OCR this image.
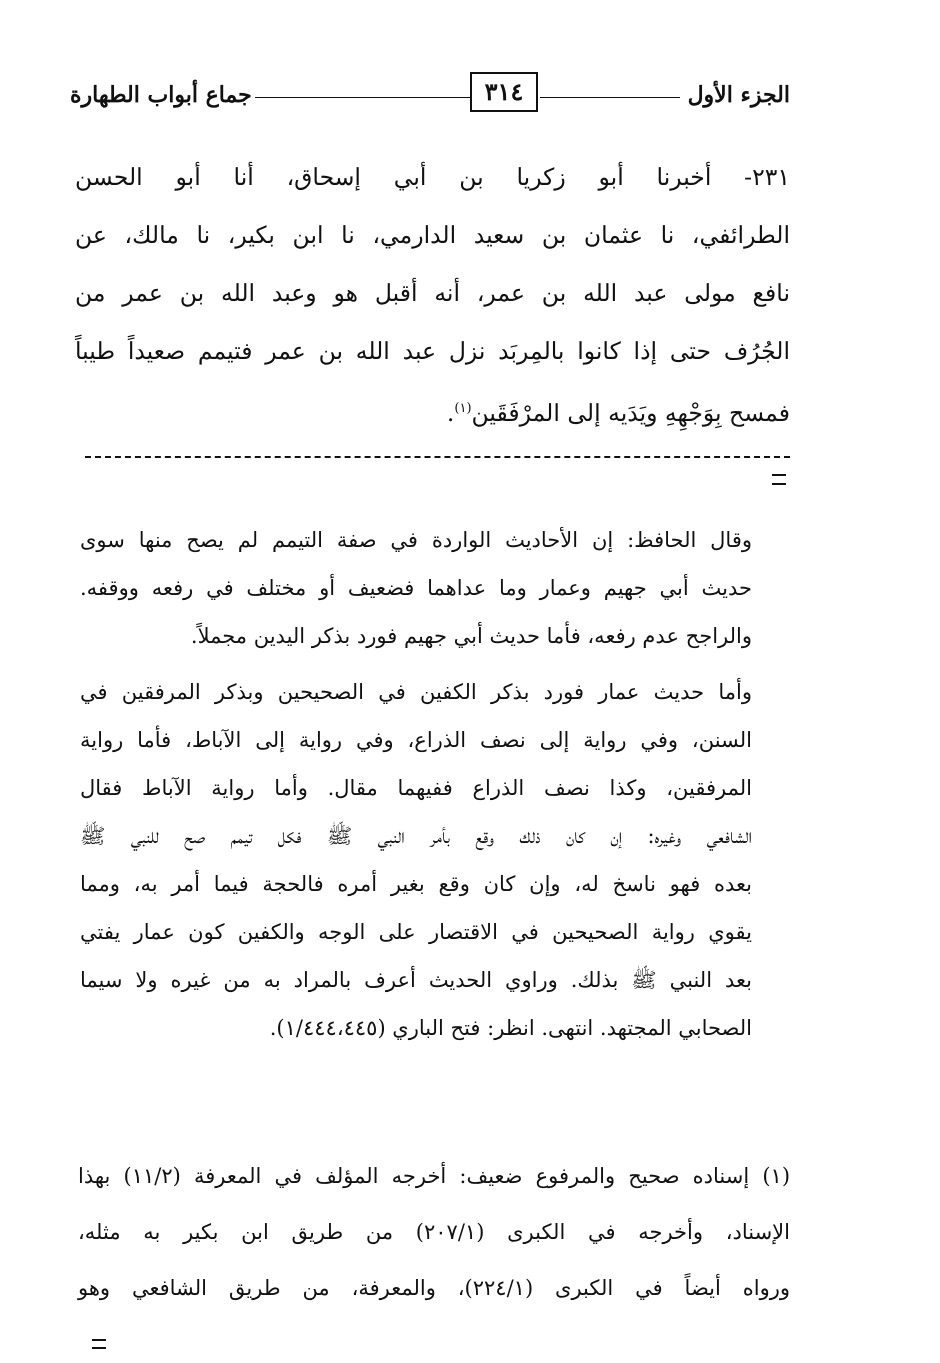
الجزء الأول
٣١٤
جماع أبواب الطهارة

٢٣١- أخبرنا أبو زكريا بن أبي إسحاق، أنا أبو الحسن

الطرائفي، نا عثمان بن سعيد الدارمي، نا ابن بكير، نا مالك، عن

نافع مولى عبد الله بن عمر، أنه أقبل هو وعبد الله بن عمر من

الجُرُف حتى إذا كانوا بالمِربَد نزل عبد الله بن عمر فتيمم صعيداً طيباً

فمسح بِوَجْهِهِ ويَدَيه إلى المرْفَقَين$^{(١)}$.

وقال الحافظ: إن الأحاديث الواردة في صفة التيمم لم يصح منها سوى

حديث أبي جهيم وعمار وما عداهما فضعيف أو مختلف في رفعه ووقفه.

والراجح عدم رفعه، فأما حديث أبي جهيم فورد بذكر اليدين مجملاً.

وأما حديث عمار فورد بذكر الكفين في الصحيحين وبذكر المرفقين في

السنن، وفي رواية إلى نصف الذراع، وفي رواية إلى الآباط، فأما رواية

المرفقين، وكذا نصف الذراع ففيهما مقال. وأما رواية الآباط فقال

الشافعي وغيره: إن كان ذلك وقع بأمر النبي ﷺ فكل تيمم صح للنبي ﷺ

بعده فهو ناسخ له، وإن كان وقع بغير أمره فالحجة فيما أمر به، ومما

يقوي رواية الصحيحين في الاقتصار على الوجه والكفين كون عمار يفتي

بعد النبي ﷺ بذلك. وراوي الحديث أعرف بالمراد به من غيره ولا سيما

الصحابي المجتهد. انتهى. انظر: فتح الباري (١/٤٤٤،٤٤٥).

(١) إسناده صحيح والمرفوع ضعيف: أخرجه المؤلف في المعرفة (١١/٢) بهذا

الإسناد، وأخرجه في الكبرى (٢٠٧/١) من طريق ابن بكير به مثله،

ورواه أيضاً في الكبرى (٢٢٤/١)، والمعرفة، من طريق الشافعي وهو
